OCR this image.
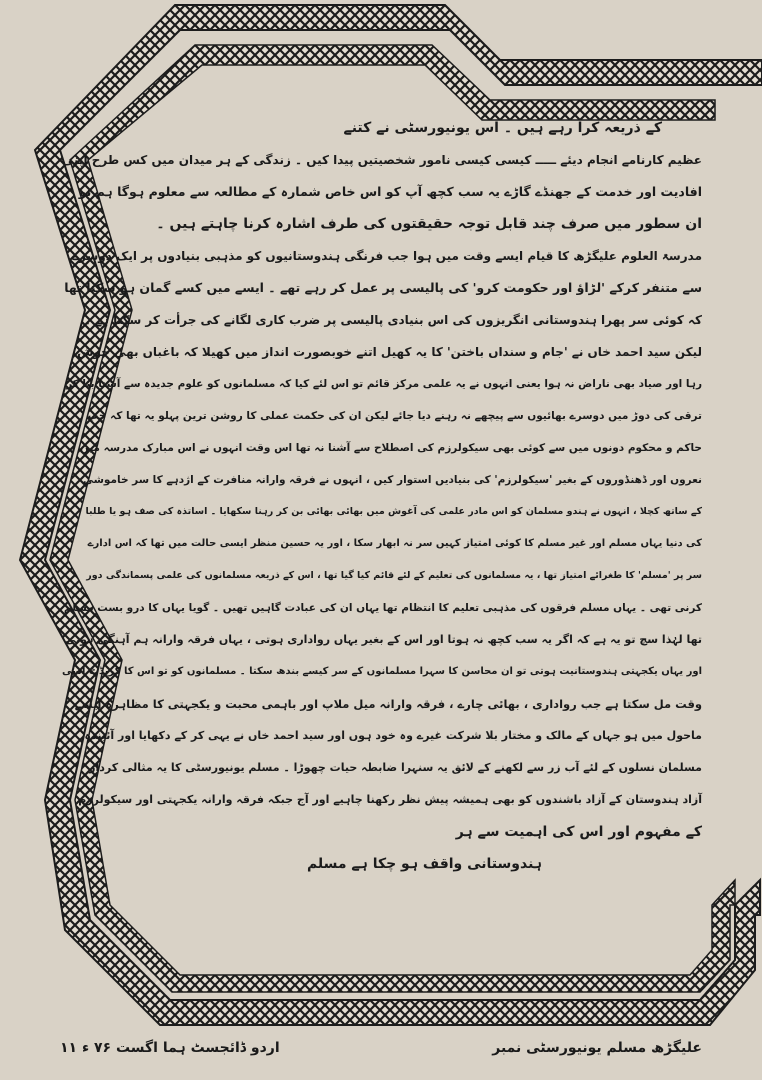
کے ذریعہ کرا رہے ہیں ۔ اس یونیورسٹی نے کتنے
عظیم کارنامے انجام دیئے ـــــ کیسی کیسی نامور شخصیتیں پیدا کیں ۔ زندگی کے ہر میدان میں کس طرح اپنی
افادیت اور خدمت کے جھنڈے گاڑے یہ سب کچھ آپ کو اس خاص شمارہ کے مطالعہ سے معلوم ہوگا ہم تو
ان سطور میں صرف چند قابل توجہ حقیقتوں کی طرف اشارہ کرنا چاہتے ہیں ۔
مدرسۃ العلوم علیگڑھ کا قیام ایسے وقت میں ہوا جب فرنگی ہندوستانیوں کو مذہبی بنیادوں پر ایک دوسرے
سے متنفر کرکے 'لڑاؤ اور حکومت کرو' کی پالیسی پر عمل کر رہے تھے ۔ ایسے میں کسے گمان ہو سکتا تھا
کہ کوئی سر پھرا ہندوستانی انگریزوں کی اس بنیادی پالیسی پر ضرب کاری لگانے کی جرأت کر سکتا ہے ۔
لیکن سید احمد خاں نے 'جام و سنداں باختن' کا یہ کھیل اتنے خوبصورت انداز میں کھیلا کہ باغباں بھی خوش
رہا اور صیاد بھی ناراض نہ ہوا یعنی انہوں نے یہ علمی مرکز قائم تو اس لئے کیا کہ مسلمانوں کو علوم جدیدہ سے آشنا بنا کر
ترقی کی دوڑ میں دوسرے بھائیوں سے پیچھے نہ رہنے دیا جائے لیکن ان کی حکمت عملی کا روشن ترین پہلو یہ تھا کہ جب
حاکم و محکوم دونوں میں سے کوئی بھی سیکولرزم کی اصطلاح سے آشنا نہ تھا اس وقت انہوں نے اس مبارک مدرسہ میں
نعروں اور ڈھنڈوروں کے بغیر 'سیکولرزم' کی بنیادیں استوار کیں ، انہوں نے فرقہ وارانہ منافرت کے اژدہے کا سر خاموشی
کے ساتھ کچلا ، انہوں نے ہندو مسلمان کو اس مادر علمی کی آغوش میں بھائی بھائی بن کر رہنا سکھایا ۔ اساتذہ کی صف ہو یا طلبا
کی دنیا یہاں مسلم اور غیر مسلم کا کوئی امتیاز کہیں سر نہ ابھار سکا ، اور یہ حسین منظر ایسی حالت میں تھا کہ اس ادارے
سر پر 'مسلم' کا طغرائے امتیاز تھا ، یہ مسلمانوں کی تعلیم کے لئے قائم کیا گیا تھا ، اس کے ذریعہ مسلمانوں کی علمی پسماندگی دور
کرنی تھی ۔ یہاں مسلم فرقوں کی مذہبی تعلیم کا انتظام تھا یہاں ان کی عبادت گاہیں تھیں ۔ گویا یہاں کا درو بست مسلم
تھا لہٰذا سچ تو یہ ہے کہ اگر یہ سب کچھ نہ ہوتا اور اس کے بغیر یہاں رواداری ہوتی ، یہاں فرقہ وارانہ ہم آہنگی ہوتی
اور یہاں یکجہتی ہندوستانیت ہوتی تو ان محاسن کا سہرا مسلمانوں کے سر کیسے بندھ سکتا ۔ مسلمانوں کو تو اس کا کریڈٹ اسی
وقت مل سکتا ہے جب رواداری ، بھائی چارے ، فرقہ وارانہ میل ملاپ اور باہمی محبت و یکجہتی کا مظاہرہ ایسے
ماحول میں ہو جہاں کے مالک و مختار بلا شرکت غیرے وہ خود ہوں اور سید احمد خاں نے یہی کر کے دکھایا اور آئیندہ
مسلمان نسلوں کے لئے آب زر سے لکھنے کے لائق یہ سنہرا ضابطہ حیات چھوڑا ۔ مسلم یونیورسٹی کا یہ مثالی کردار
آزاد ہندوستان کے آزاد باشندوں کو بھی ہمیشہ پیش نظر رکھنا چاہیے اور آج جبکہ فرقہ وارانہ یکجہتی اور سیکولرزم
کے مفہوم اور اس کی اہمیت سے ہر
ہندوستانی واقف ہو چکا ہے مسلم
علیگڑھ مسلم یونیورسٹی نمبر
اردو ڈائجسٹ ہما اگست ۷۶ ء ۱۱
